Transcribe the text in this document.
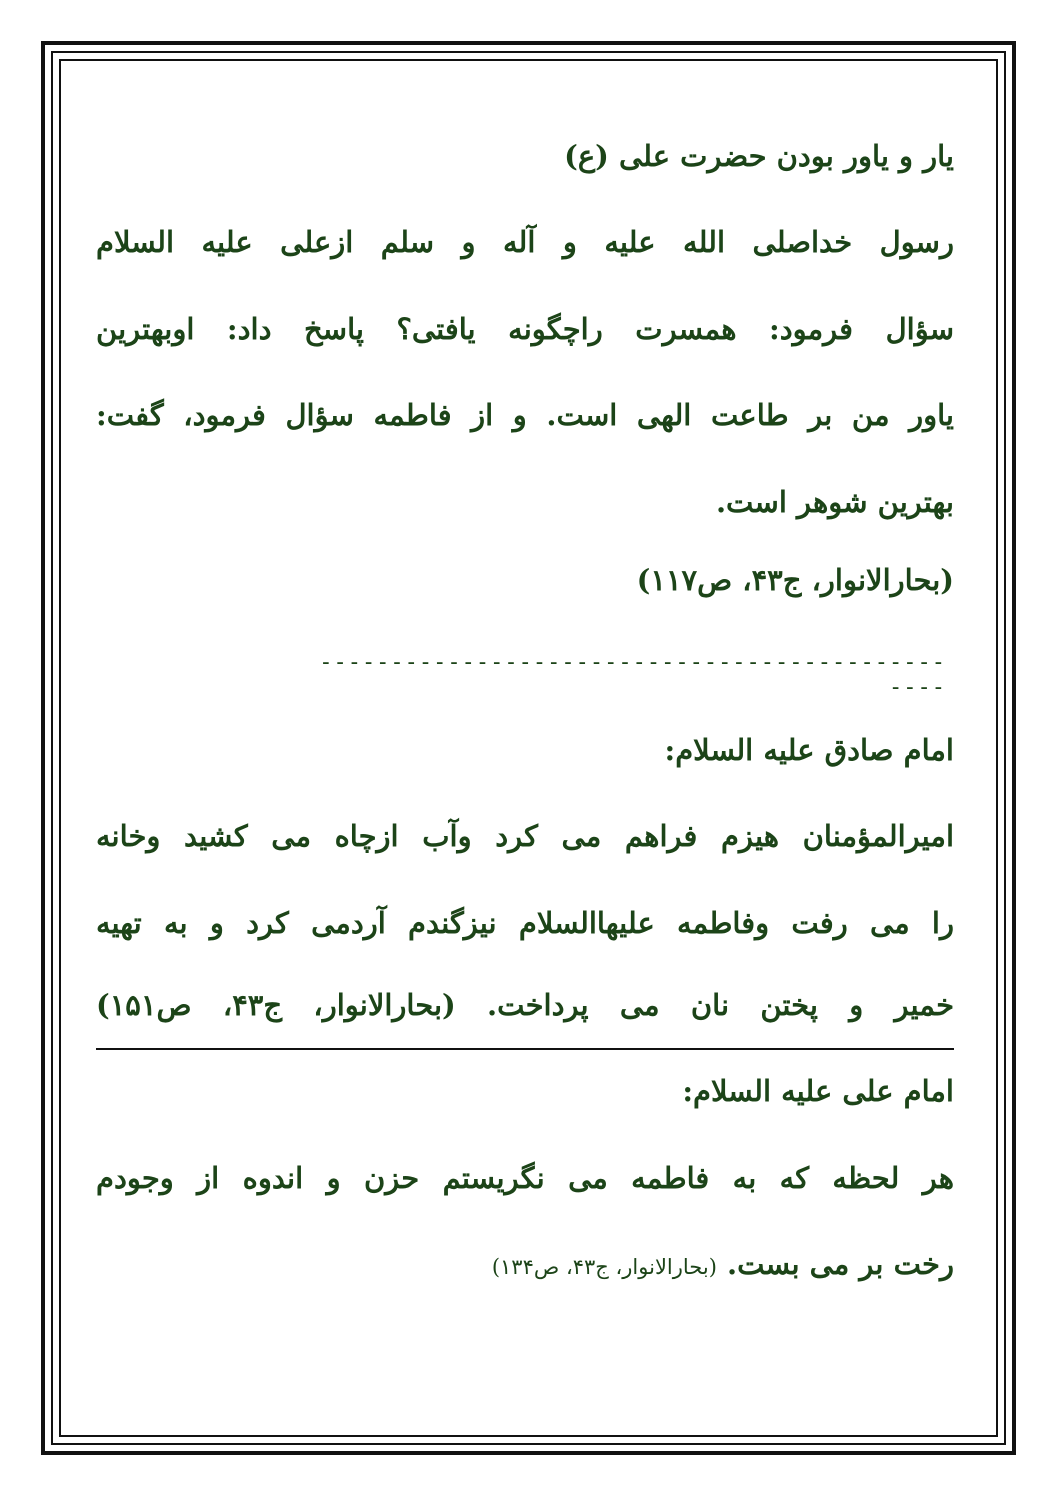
یار و یاور بودن حضرت علی (ع)
رسول خداصلی الله علیه و آله و سلم ازعلی علیه السلام
سؤال فرمود: همسرت راچگونه یافتی؟ پاسخ داد: اوبهترین
یاور من بر طاعت الهی است. و از فاطمه سؤال فرمود، گفت:
بهترین شوهر است.
(بحارالانوار، ج۴۳، ص۱۱۷)
------------------------------------------------
امام صادق علیه السلام:
امیرالمؤمنان هیزم فراهم می کرد وآب ازچاه می کشید وخانه
را می رفت وفاطمه علیهاالسلام نیزگندم آردمی کرد و به تهیه
خمیر و پختن نان می پرداخت. (بحارالانوار، ج۴۳، ص۱۵۱)
امام علی علیه السلام:
هر لحظه که به فاطمه می نگریستم حزن و اندوه از وجودم
رخت بر می بست. (بحارالانوار، ج۴۳، ص۱۳۴)
